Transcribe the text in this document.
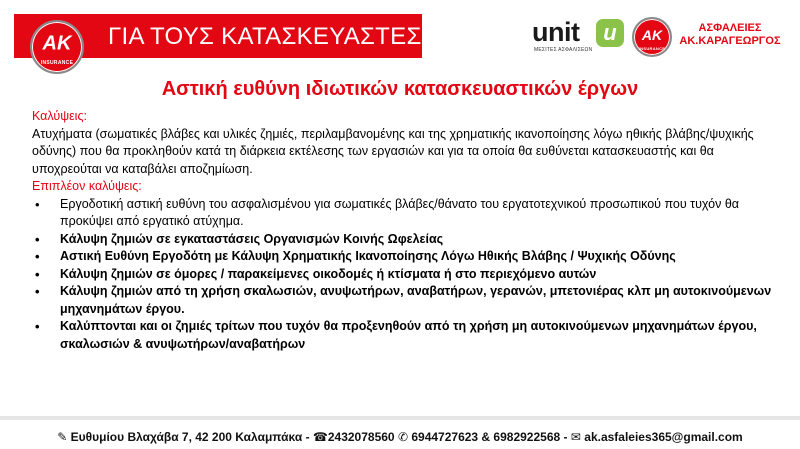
ΓΙΑ ΤΟΥΣ ΚΑΤΑΣΚΕΥΑΣΤΕΣ
AK
INSURANCE
unit	u
ΜΕΣΙΤΕΣ ΑΣΦΑΛΙΣΕΩΝ
AK
INSURANCE
ΑΣΦΑΛΕΙΕΣ
ΑΚ.ΚΑΡΑΓΕΩΡΓΟΣ
Αστική ευθύνη ιδιωτικών κατασκευαστικών έργων
Καλύψεις:
Ατυχήματα (σωματικές βλάβες και υλικές ζημιές, περιλαμβανομένης και της χρηματικής ικανοποίησης λόγω ηθικής βλάβης/ψυχικής οδύνης) που θα προκληθούν κατά τη διάρκεια εκτέλεσης των εργασιών και για τα οποία θα ευθύνεται κατασκευαστής και θα υποχρεούται να καταβάλει αποζημίωση.
Επιπλέον καλύψεις:
• Εργοδοτική αστική ευθύνη του ασφαλισμένου για σωματικές βλάβες/θάνατο του εργατοτεχνικού προσωπικού που τυχόν θα προκύψει από εργατικό ατύχημα.
• Κάλυψη ζημιών σε εγκαταστάσεις Οργανισμών Κοινής Ωφελείας
• Αστική Ευθύνη Εργοδότη με Κάλυψη Χρηματικής Ικανοποίησης Λόγω Ηθικής Βλάβης / Ψυχικής Οδύνης
• Κάλυψη ζημιών σε όμορες / παρακείμενες οικοδομές ή κτίσματα ή στο περιεχόμενο αυτών
• Κάλυψη ζημιών από τη χρήση σκαλωσιών, ανυψωτήρων, αναβατήρων, γερανών, μπετονιέρας κλπ μη αυτοκινούμενων μηχανημάτων έργου.
• Καλύπτονται και οι ζημιές τρίτων που τυχόν θα προξενηθούν από τη χρήση μη αυτοκινούμενων μηχανημάτων έργου, σκαλωσιών & ανυψωτήρων/αναβατήρων
✎ Ευθυμίου Βλαχάβα 7, 42 200 Καλαμπάκα - ☎2432078560 ✆ 6944727623 & 6982922568 - ✉ ak.asfaleies365@gmail.com
